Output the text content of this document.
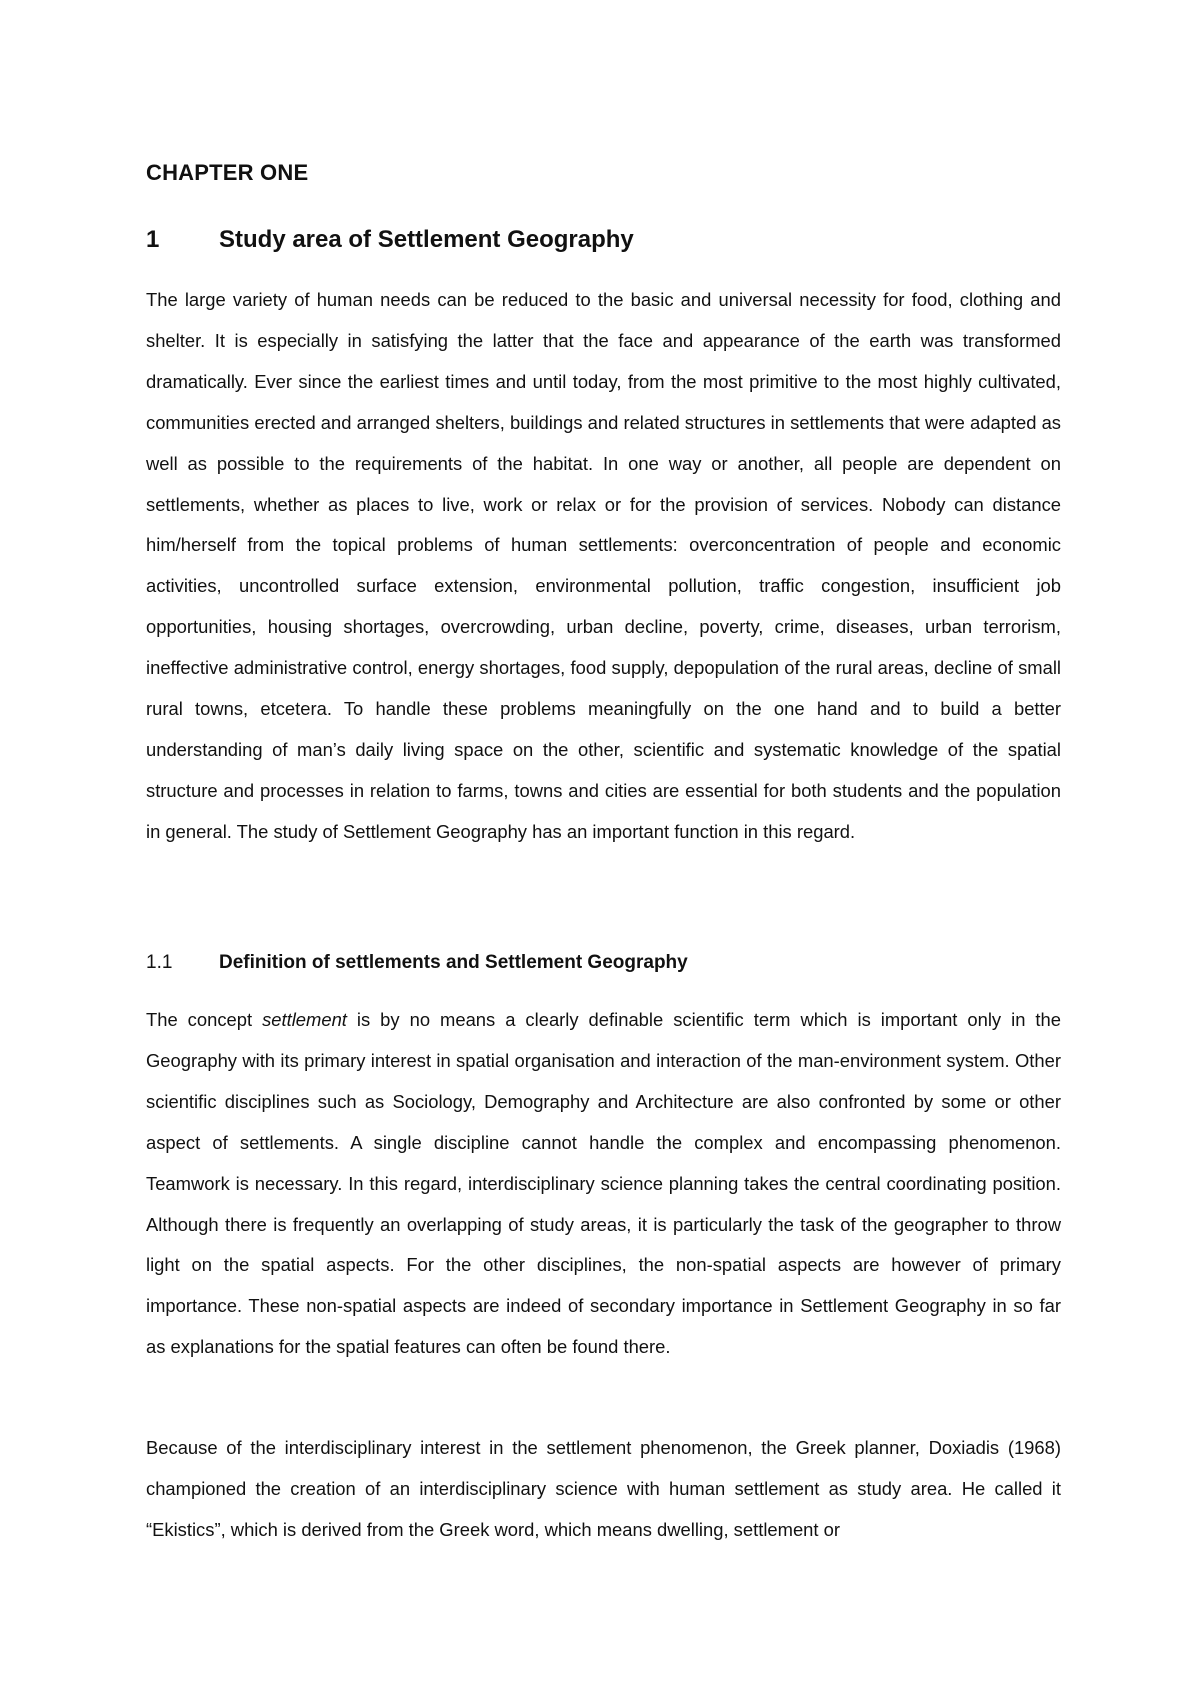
CHAPTER ONE
1 Study area of Settlement Geography

The large variety of human needs can be reduced to the basic and universal necessity for food, clothing and shelter. It is especially in satisfying the latter that the face and appearance of the earth was transformed dramatically. Ever since the earliest times and until today, from the most primitive to the most highly cultivated, communities erected and arranged shelters, buildings and related structures in settlements that were adapted as well as possible to the requirements of the habitat. In one way or another, all people are dependent on settlements, whether as places to live, work or relax or for the provision of services. Nobody can distance him/herself from the topical problems of human settlements: overconcentration of people and economic activities, uncontrolled surface extension, environmental pollution, traffic congestion, insufficient job opportunities, housing shortages, overcrowding, urban decline, poverty, crime, diseases, urban terrorism, ineffective administrative control, energy shortages, food supply, depopulation of the rural areas, decline of small rural towns, etcetera. To handle these problems meaningfully on the one hand and to build a better understanding of man’s daily living space on the other, scientific and systematic knowledge of the spatial structure and processes in relation to farms, towns and cities are essential for both students and the population in general. The study of Settlement Geography has an important function in this regard.

1.1 Definition of settlements and Settlement Geography

The concept settlement is by no means a clearly definable scientific term which is important only in the Geography with its primary interest in spatial organisation and interaction of the man-environment system. Other scientific disciplines such as Sociology, Demography and Architecture are also confronted by some or other aspect of settlements. A single discipline cannot handle the complex and encompassing phenomenon. Teamwork is necessary. In this regard, interdisciplinary science planning takes the central coordinating position. Although there is frequently an overlapping of study areas, it is particularly the task of the geographer to throw light on the spatial aspects. For the other disciplines, the non-spatial aspects are however of primary importance. These non-spatial aspects are indeed of secondary importance in Settlement Geography in so far as explanations for the spatial features can often be found there.

Because of the interdisciplinary interest in the settlement phenomenon, the Greek planner, Doxiadis (1968) championed the creation of an interdisciplinary science with human settlement as study area. He called it “Ekistics”, which is derived from the Greek word, which means dwelling, settlement or
